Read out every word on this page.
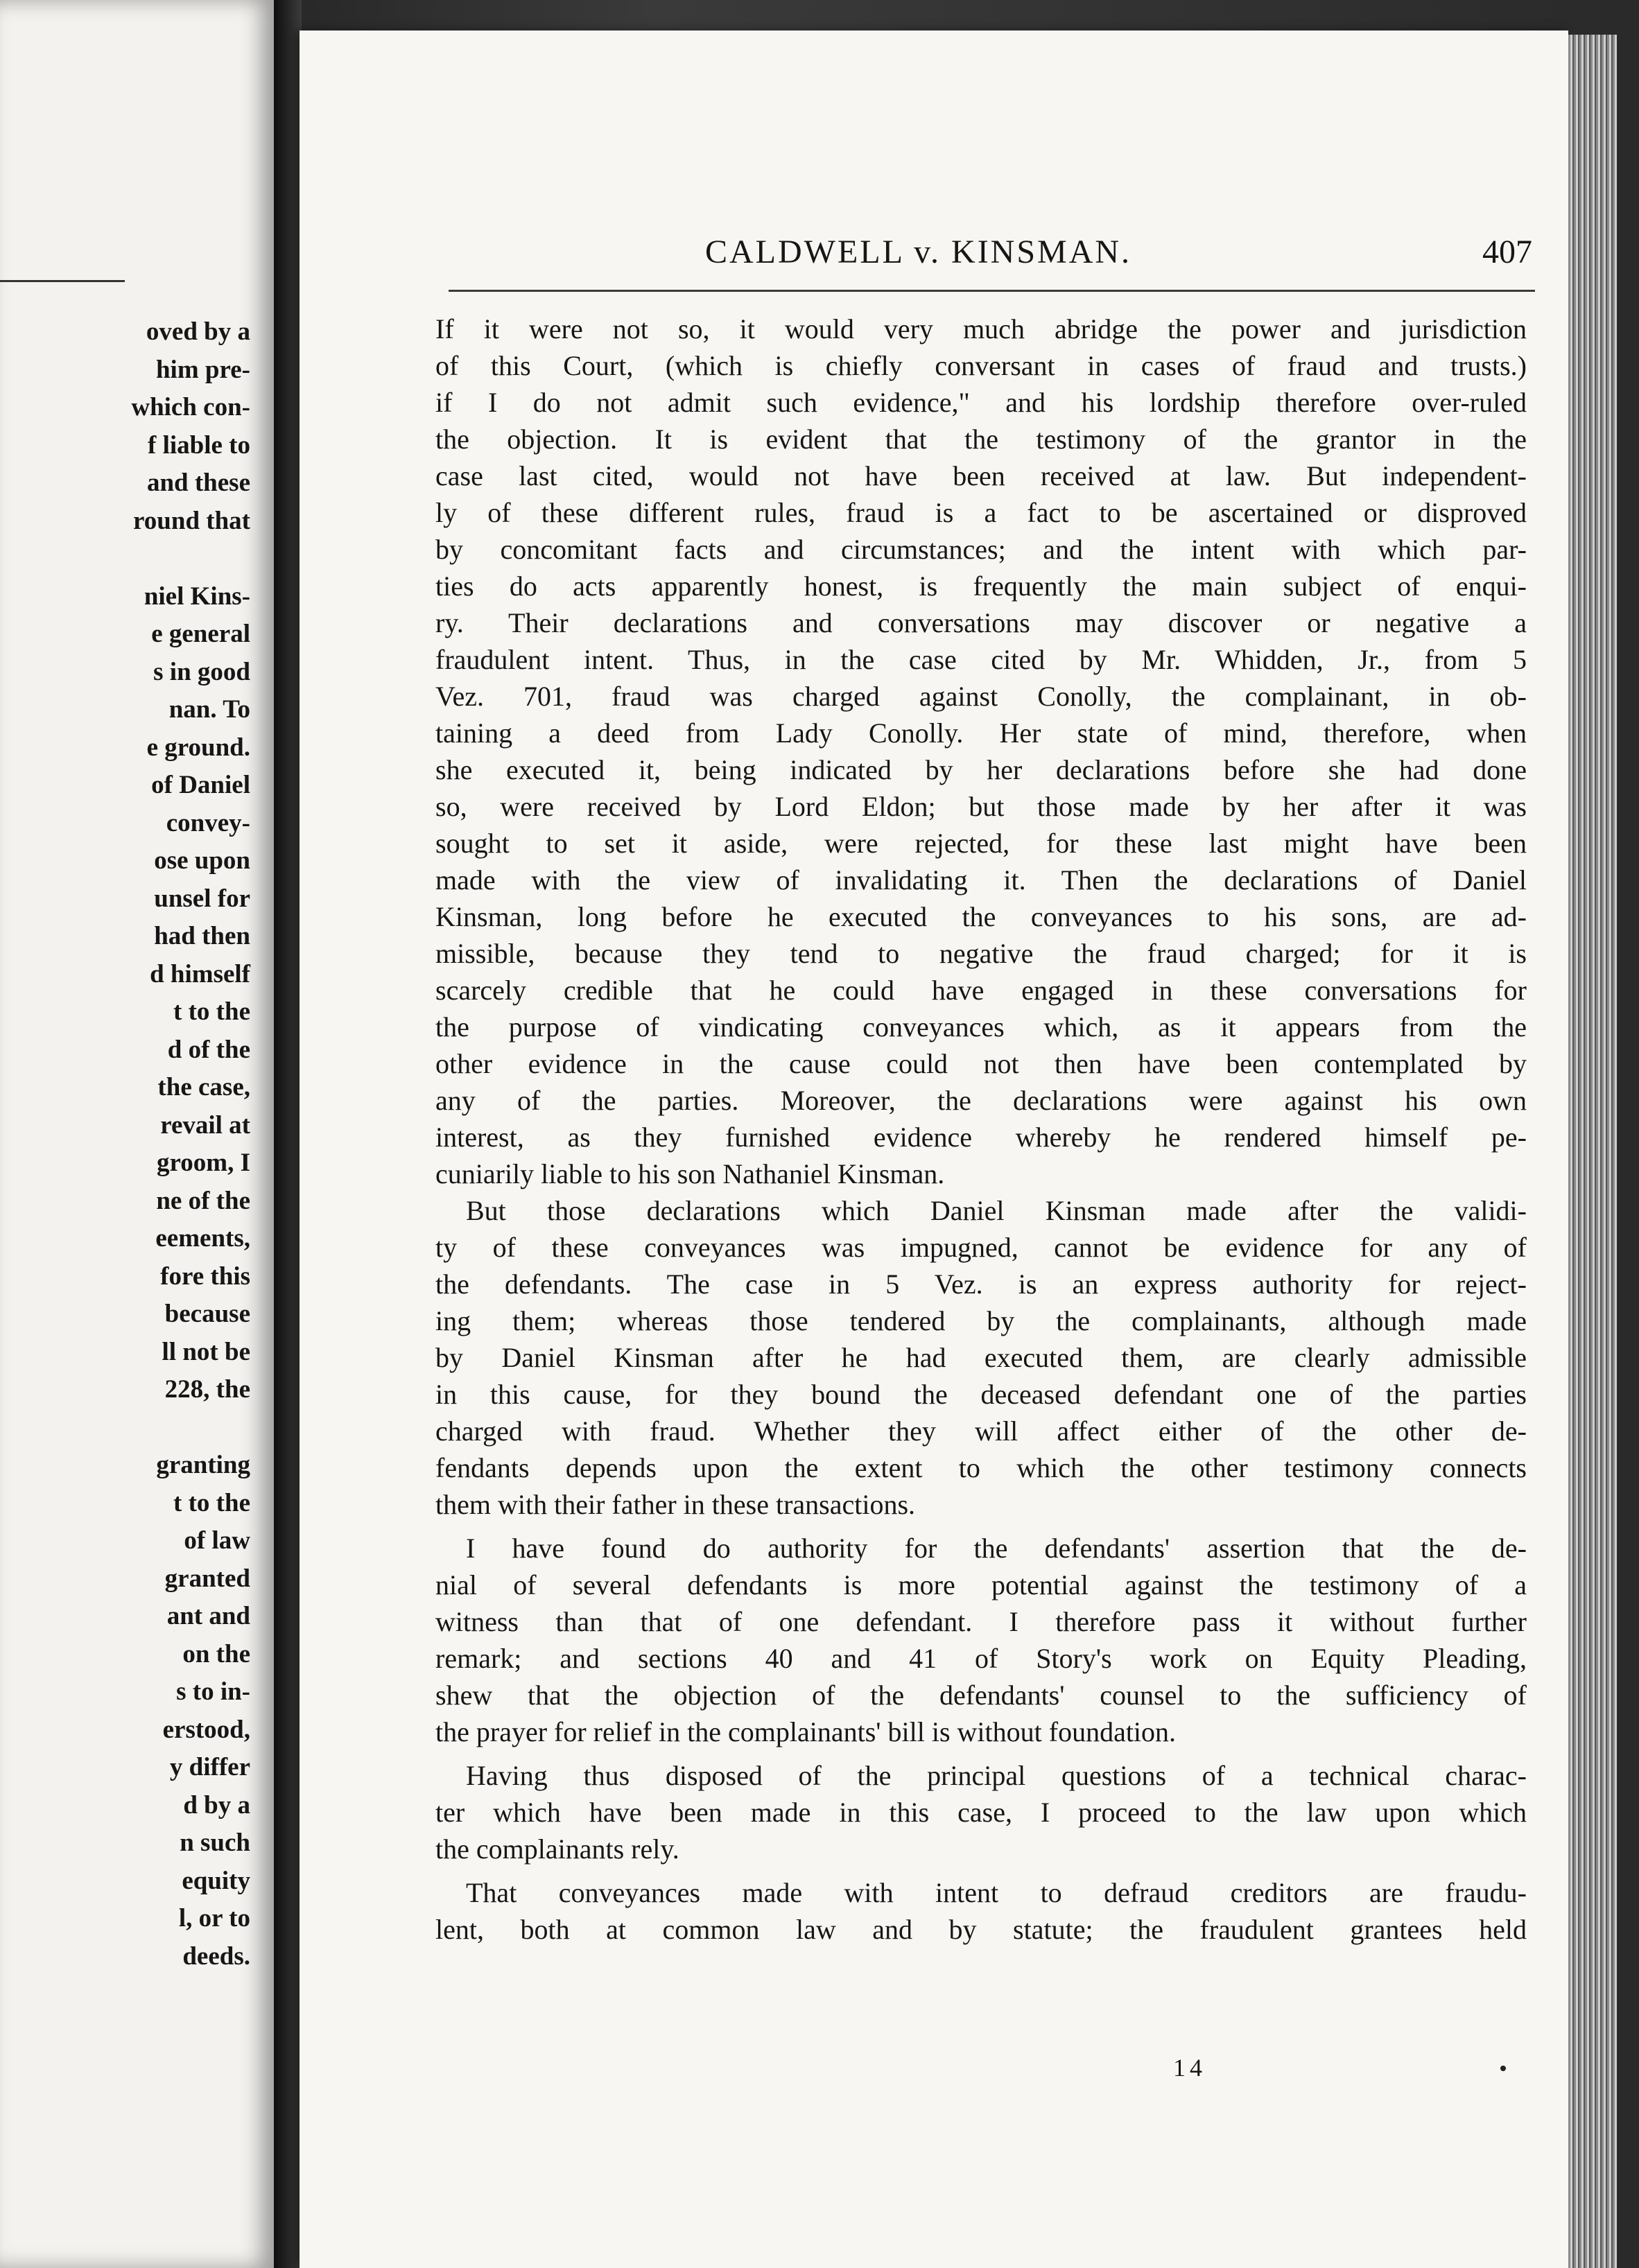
oved by a
him pre-
which con-
f liable to
and these
round that
niel Kins-
e general
s in good
nan. To
e ground.
of Daniel
convey-
ose upon
unsel for
had then
d himself
t to the
d of the
the case,
revail at
groom, I
ne of the
eements,
fore this
because
ll not be
228, the
granting
t to the
of law
granted
ant and
on the
s to in-
erstood,
y differ
d by a
n such
equity
l, or to
deeds.
CALDWELL v. KINSMAN.	407
If it were not so, it would very much abridge the power and jurisdiction
of this Court, (which is chiefly conversant in cases of fraud and trusts.)
if I do not admit such evidence," and his lordship therefore over-ruled
the objection. It is evident that the testimony of the grantor in the
case last cited, would not have been received at law. But independent-
ly of these different rules, fraud is a fact to be ascertained or disproved
by concomitant facts and circumstances; and the intent with which par-
ties do acts apparently honest, is frequently the main subject of enqui-
ry. Their declarations and conversations may discover or negative a
fraudulent intent. Thus, in the case cited by Mr. Whidden, Jr., from 5
Vez. 701, fraud was charged against Conolly, the complainant, in ob-
taining a deed from Lady Conolly. Her state of mind, therefore, when
she executed it, being indicated by her declarations before she had done
so, were received by Lord Eldon; but those made by her after it was
sought to set it aside, were rejected, for these last might have been
made with the view of invalidating it. Then the declarations of Daniel
Kinsman, long before he executed the conveyances to his sons, are ad-
missible, because they tend to negative the fraud charged; for it is
scarcely credible that he could have engaged in these conversations for
the purpose of vindicating conveyances which, as it appears from the
other evidence in the cause could not then have been contemplated by
any of the parties. Moreover, the declarations were against his own
interest, as they furnished evidence whereby he rendered himself pe-
cuniarily liable to his son Nathaniel Kinsman.
But those declarations which Daniel Kinsman made after the validi-
ty of these conveyances was impugned, cannot be evidence for any of
the defendants. The case in 5 Vez. is an express authority for reject-
ing them; whereas those tendered by the complainants, although made
by Daniel Kinsman after he had executed them, are clearly admissible
in this cause, for they bound the deceased defendant one of the parties
charged with fraud. Whether they will affect either of the other de-
fendants depends upon the extent to which the other testimony connects
them with their father in these transactions.
I have found do authority for the defendants' assertion that the de-
nial of several defendants is more potential against the testimony of a
witness than that of one defendant. I therefore pass it without further
remark; and sections 40 and 41 of Story's work on Equity Pleading,
shew that the objection of the defendants' counsel to the sufficiency of
the prayer for relief in the complainants' bill is without foundation.
Having thus disposed of the principal questions of a technical charac-
ter which have been made in this case, I proceed to the law upon which
the complainants rely.
That conveyances made with intent to defraud creditors are fraudu-
lent, both at common law and by statute; the fraudulent grantees held
14
